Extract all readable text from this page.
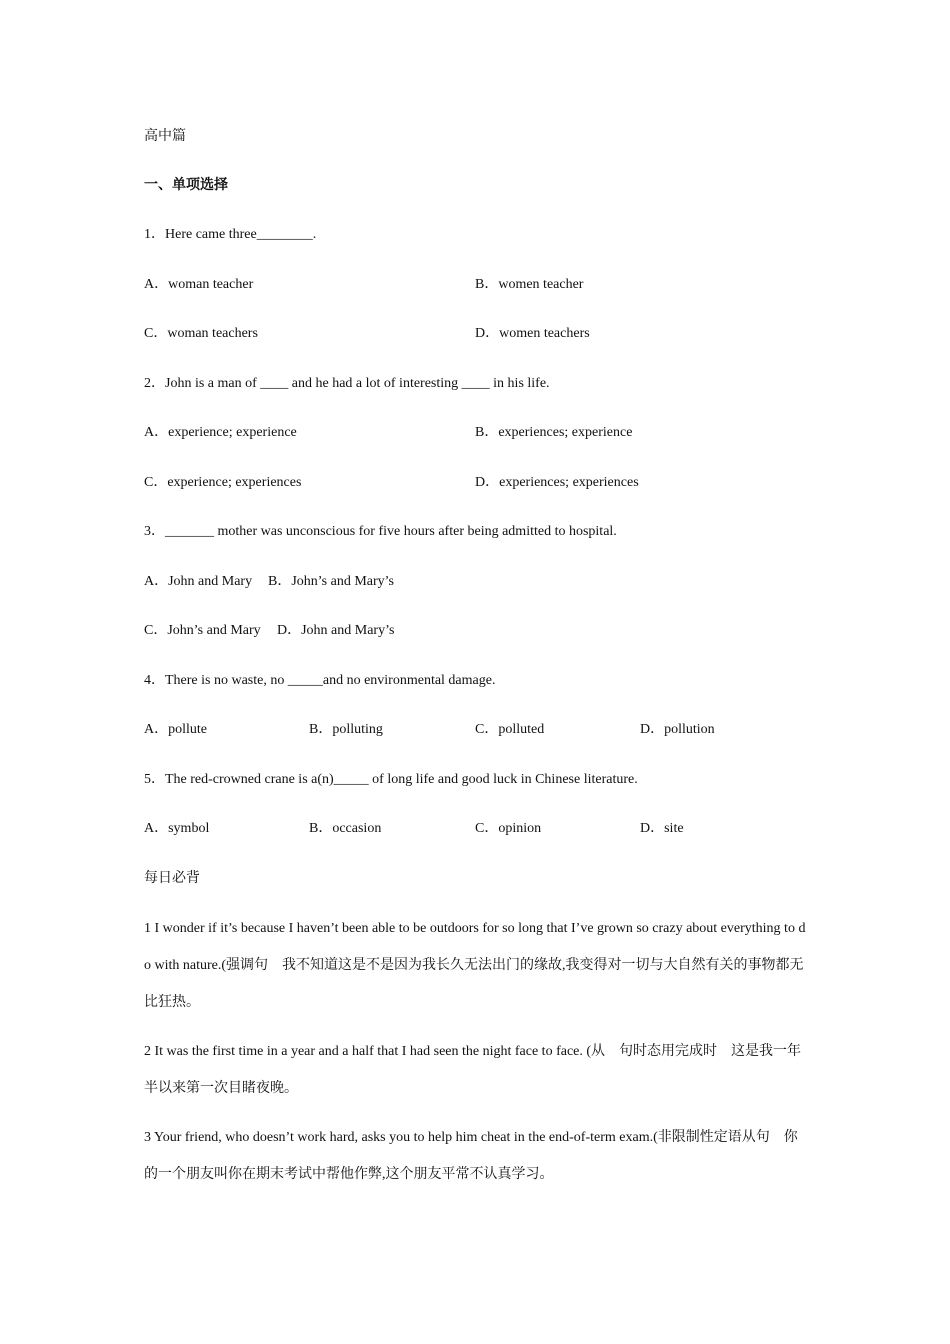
高中篇
一、单项选择
1．Here came three________.
A．woman teacher	B．women teacher
C．woman teachers	D．women teachers
2．John is a man of ____ and he had a lot of interesting ____ in his life.
A．experience; experience	B．experiences; experience
C．experience; experiences	D．experiences; experiences
3．_______ mother was unconscious for five hours after being admitted to hospital.
A．John and Mary B．John’s and Mary’s
C．John’s and Mary D．John and Mary’s
4．There is no waste, no _____and no environmental damage.
A．pollute	B．polluting	C．polluted	D．pollution
5．The red-crowned crane is a(n)_____ of long life and good luck in Chinese literature.
A．symbol	B．occasion	C．opinion	D．site
每日必背
1 I wonder if it’s because I haven’t been able to be outdoors for so long that I’ve grown so crazy about everything to do with nature.(强调句　我不知道这是不是因为我长久无法出门的缘故,我变得对一切与大自然有关的事物都无比狂热。
2 It was the first time in a year and a half that I had seen the night face to face. (从　句时态用完成时　这是我一年半以来第一次目睹夜晚。
3 Your friend, who doesn’t work hard, asks you to help him cheat in the end-of-term exam.(非限制性定语从句　你的一个朋友叫你在期末考试中帮他作弊,这个朋友平常不认真学习。
